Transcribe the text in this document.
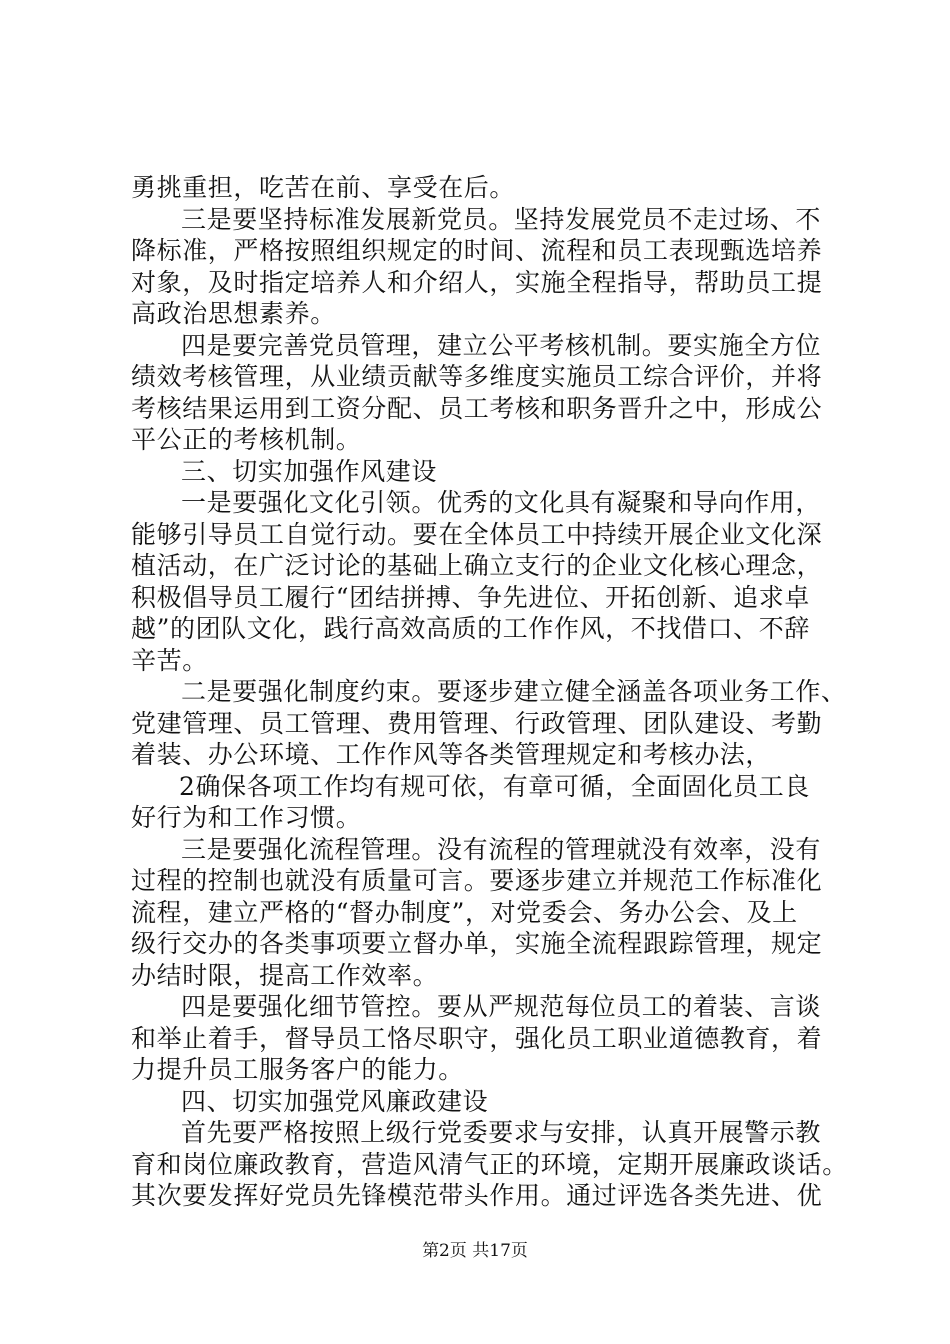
勇挑重担，吃苦在前、享受在后。
三是要坚持标准发展新党员。坚持发展党员不走过场、不
降标准，严格按照组织规定的时间、流程和员工表现甄选培养
对象，及时指定培养人和介绍人，实施全程指导，帮助员工提
高政治思想素养。
四是要完善党员管理，建立公平考核机制。要实施全方位
绩效考核管理，从业绩贡献等多维度实施员工综合评价，并将
考核结果运用到工资分配、员工考核和职务晋升之中，形成公
平公正的考核机制。
三、切实加强作风建设
一是要强化文化引领。优秀的文化具有凝聚和导向作用，
能够引导员工自觉行动。要在全体员工中持续开展企业文化深
植活动，在广泛讨论的基础上确立支行的企业文化核心理念，
积极倡导员工履行“团结拼搏、争先进位、开拓创新、追求卓
越”的团队文化，践行高效高质的工作作风，不找借口、不辞
辛苦。
二是要强化制度约束。要逐步建立健全涵盖各项业务工作、
党建管理、员工管理、费用管理、行政管理、团队建设、考勤
着装、办公环境、工作作风等各类管理规定和考核办法，
2确保各项工作均有规可依，有章可循，全面固化员工良
好行为和工作习惯。
三是要强化流程管理。没有流程的管理就没有效率，没有
过程的控制也就没有质量可言。要逐步建立并规范工作标准化
流程，建立严格的“督办制度”，对党委会、务办公会、及上
级行交办的各类事项要立督办单，实施全流程跟踪管理，规定
办结时限，提高工作效率。
四是要强化细节管控。要从严规范每位员工的着装、言谈
和举止着手，督导员工恪尽职守，强化员工职业道德教育，着
力提升员工服务客户的能力。
四、切实加强党风廉政建设
首先要严格按照上级行党委要求与安排，认真开展警示教
育和岗位廉政教育，营造风清气正的环境，定期开展廉政谈话。
其次要发挥好党员先锋模范带头作用。通过评选各类先进、优
第2页 共17页
